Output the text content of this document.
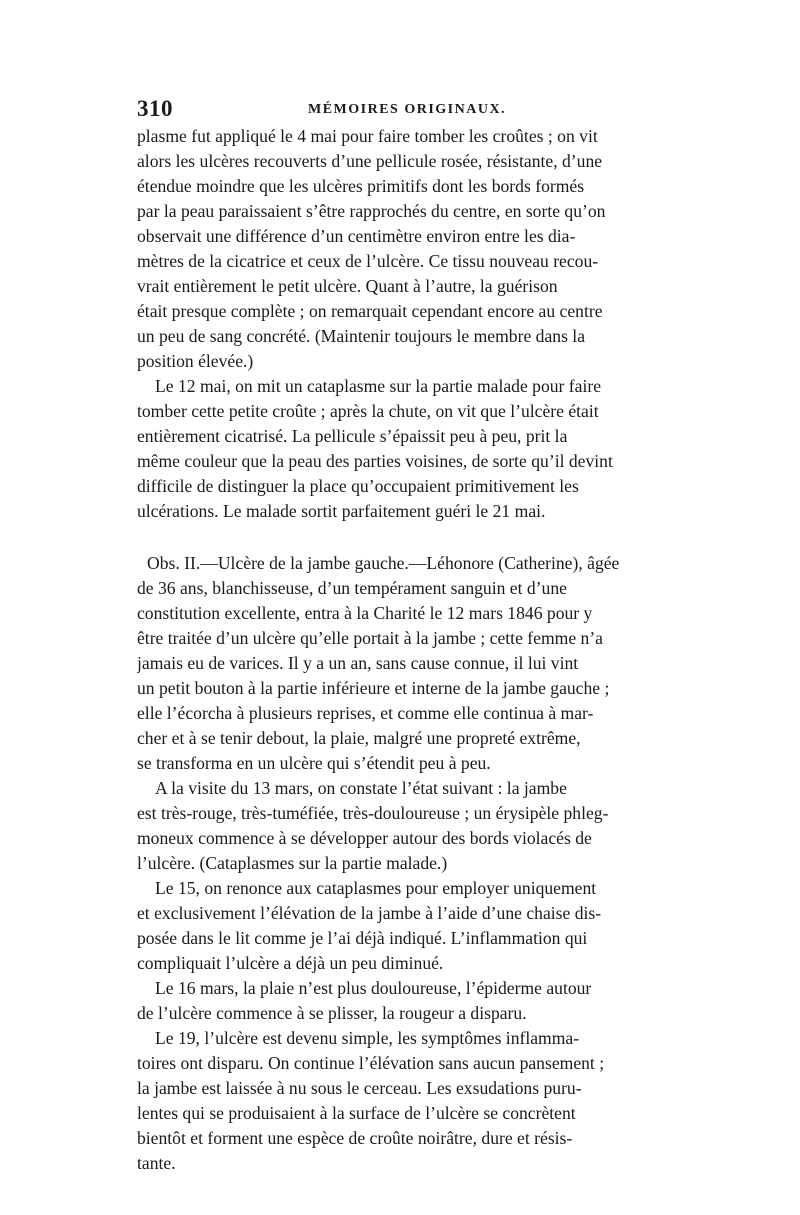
310	MÉMOIRES ORIGINAUX.
plasme fut appliqué le 4 mai pour faire tomber les croûtes ; on vit
alors les ulcères recouverts d’une pellicule rosée, résistante, d’une
étendue moindre que les ulcères primitifs dont les bords formés
par la peau paraissaient s’être rapprochés du centre, en sorte qu’on
observait une différence d’un centimètre environ entre les dia-
mètres de la cicatrice et ceux de l’ulcère. Ce tissu nouveau recou-
vrait entièrement le petit ulcère. Quant à l’autre, la guérison
était presque complète ; on remarquait cependant encore au centre
un peu de sang concrété. (Maintenir toujours le membre dans la
position élevée.)
Le 12 mai, on mit un cataplasme sur la partie malade pour faire
tomber cette petite croûte ; après la chute, on vit que l’ulcère était
entièrement cicatrisé. La pellicule s’épaissit peu à peu, prit la
même couleur que la peau des parties voisines, de sorte qu’il devint
difficile de distinguer la place qu’occupaient primitivement les
ulcérations. Le malade sortit parfaitement guéri le 21 mai.
Obs. II.—Ulcère de la jambe gauche.—Léhonore (Catherine), âgée
de 36 ans, blanchisseuse, d’un tempérament sanguin et d’une
constitution excellente, entra à la Charité le 12 mars 1846 pour y
être traitée d’un ulcère qu’elle portait à la jambe ; cette femme n’a
jamais eu de varices. Il y a un an, sans cause connue, il lui vint
un petit bouton à la partie inférieure et interne de la jambe gauche ;
elle l’écorcha à plusieurs reprises, et comme elle continua à mar-
cher et à se tenir debout, la plaie, malgré une propreté extrême,
se transforma en un ulcère qui s’étendit peu à peu.
A la visite du 13 mars, on constate l’état suivant : la jambe
est très-rouge, très-tuméfiée, très-douloureuse ; un érysipèle phleg-
moneux commence à se développer autour des bords violacés de
l’ulcère. (Cataplasmes sur la partie malade.)
Le 15, on renonce aux cataplasmes pour employer uniquement
et exclusivement l’élévation de la jambe à l’aide d’une chaise dis-
posée dans le lit comme je l’ai déjà indiqué. L’inflammation qui
compliquait l’ulcère a déjà un peu diminué.
Le 16 mars, la plaie n’est plus douloureuse, l’épiderme autour
de l’ulcère commence à se plisser, la rougeur a disparu.
Le 19, l’ulcère est devenu simple, les symptômes inflamma-
toires ont disparu. On continue l’élévation sans aucun pansement ;
la jambe est laissée à nu sous le cerceau. Les exsudations puru-
lentes qui se produisaient à la surface de l’ulcère se concrètent
bientôt et forment une espèce de croûte noirâtre, dure et résis-
tante.
